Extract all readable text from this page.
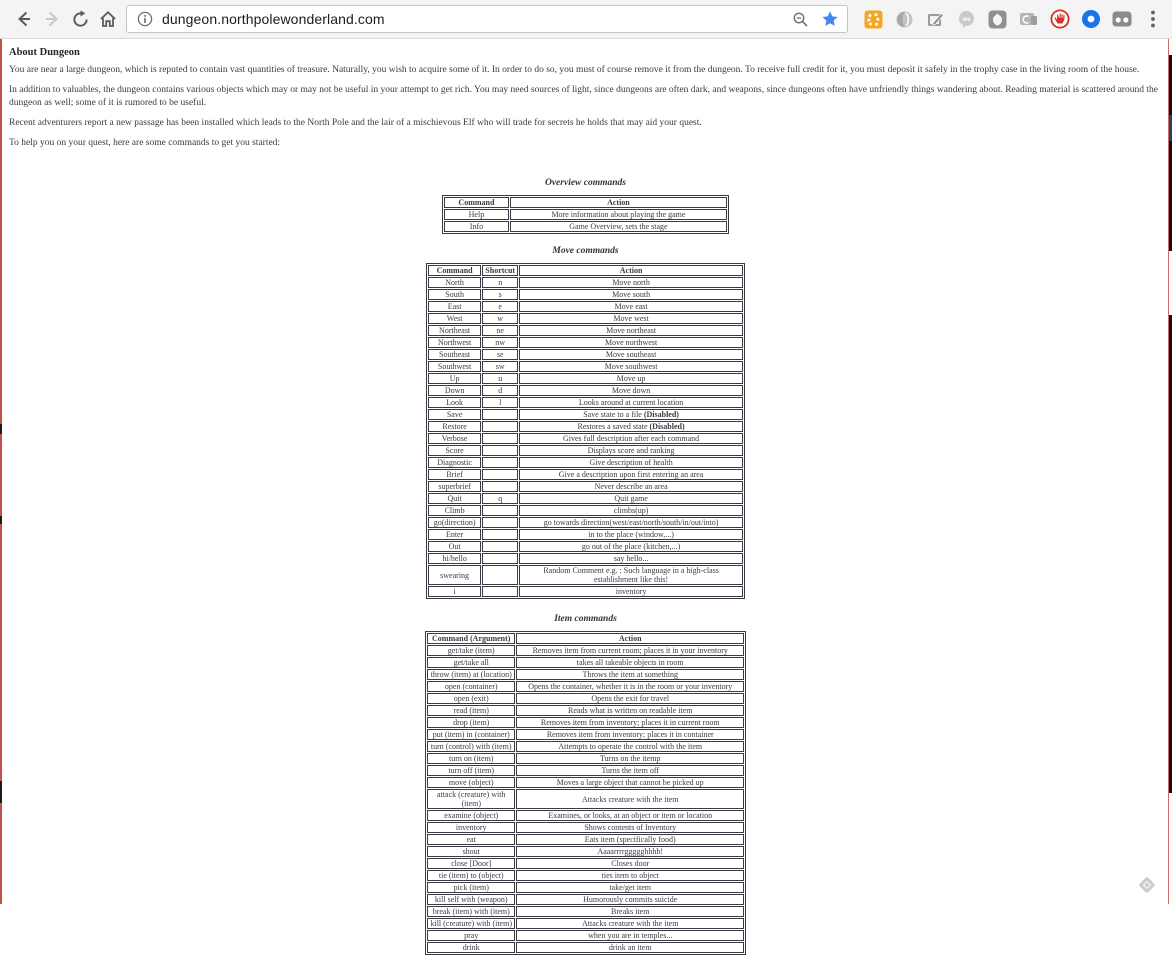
dungeon.northpolewonderland.com	ws
About Dungeon

You are near a large dungeon, which is reputed to contain vast quantities of treasure. Naturally, you wish to acquire some of it. In order to do so, you must of course remove it from the dungeon. To receive full credit for it, you must deposit it safely in the trophy case in the living room of the house.

In addition to valuables, the dungeon contains various objects which may or may not be useful in your attempt to get rich. You may need sources of light, since dungeons are often dark, and weapons, since dungeons often have unfriendly things wandering about. Reading material is scattered around the dungeon as well; some of it is rumored to be useful.

Recent adventurers report a new passage has been installed which leads to the North Pole and the lair of a mischievous Elf who will trade for secrets he holds that may aid your quest.

To help you on your quest, here are some commands to get you started:

Overview commands
Command	Action
Help	More information about playing the game
Info	Game Overview, sets the stage
Move commands
Command	Shortcut	Action
North	n	Move north
South	s	Move south
East	e	Move east
West	w	Move west
Northeast	ne	Move northeast
Northwest	nw	Move northwest
Southeast	se	Move southeast
Southwest	sw	Move southwest
Up	u	Move up
Down	d	Move down
Look	l	Looks around at current location
Save		Save state to a file (Disabled)
Restore		Restores a saved state (Disabled)
Verbose		Gives full description after each command
Score		Displays score and ranking
Diagnostic		Give description of health
Brief		Give a description upon first entering an area
superbrief		Never describe an area
Quit	q	Quit game
Climb		climbs(up)
go(direction)		go towards direction(west/east/north/south/in/out/into)
Enter		in to the place (window,...)
Out		go out of the place (kitchen,...)
hi/hello		say hello...
swearing		Random Comment e.g. : Such language in a high-class establishment like this!
i		inventory
Item commands
Command (Argument)	Action
get/take (item)	Removes item from current room; places it in your inventory
get/take all	takes all takeable objects in room
throw (item) at (location)	Throws the item at something
open (container)	Opens the container, whether it is in the room or your inventory
open (exit)	Opens the exit for travel
read (item)	Reads what is written on readable item
drop (item)	Removes item from inventory; places it in current room
put (item) in (container)	Removes item from inventory; places it in container
turn (control) with (item)	Attempts to operate the control with the item
turn on (item)	Turns on the itemp
turn off (item)	Turns the item off
move (object)	Moves a large object that cannot be picked up
attack (creature) with (item)	Attacks creature with the item
examine (object)	Examines, or looks, at an object or item or location
inventory	Shows contents of Inventory
eat	Eats item (specifically food)
shout	Aaaarrrrggggghhhh!
close [Door]	Closes door
tie (item) to (object)	ties item to object
pick (item)	take/get item
kill self with (weapon)	Humorously commits suicide
break (item) with (item)	Breaks item
kill (creature) with (item)	Attacks creature with the item
pray	when you are in temples...
drink	drink an item
